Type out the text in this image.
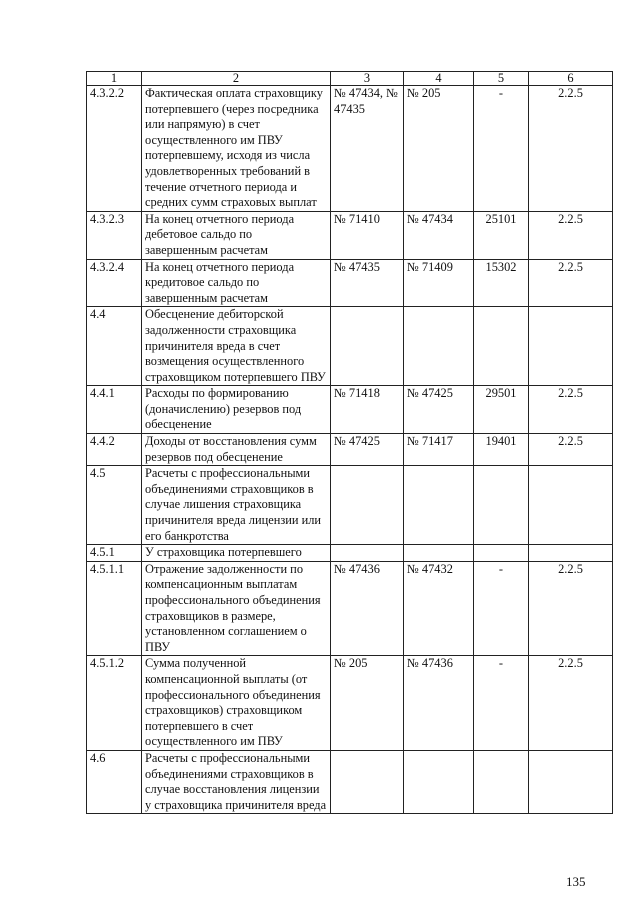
1	2	3	4	5	6
4.3.2.2	Фактическая оплата страховщику потерпевшего (через посредника или напрямую) в счет осуществленного им ПВУ потерпевшему, исходя из числа удовлетворенных требований в течение отчетного периода и средних сумм страховых выплат	№ 47434, № 47435	№ 205	-	2.2.5
4.3.2.3	На конец отчетного периода дебетовое сальдо по завершенным расчетам	№ 71410	№ 47434	25101	2.2.5
4.3.2.4	На конец отчетного периода кредитовое сальдо по завершенным расчетам	№ 47435	№ 71409	15302	2.2.5
4.4	Обесценение дебиторской задолженности страховщика причинителя вреда в счет возмещения осуществленного страховщиком потерпевшего ПВУ				
4.4.1	Расходы по формированию (доначислению) резервов под обесценение	№ 71418	№ 47425	29501	2.2.5
4.4.2	Доходы от восстановления сумм резервов под обесценение	№ 47425	№ 71417	19401	2.2.5
4.5	Расчеты с профессиональными объединениями страховщиков в случае лишения страховщика причинителя вреда лицензии или его банкротства				
4.5.1	У страховщика потерпевшего				
4.5.1.1	Отражение задолженности по компенсационным выплатам профессионального объединения страховщиков в размере, установленном соглашением о ПВУ	№ 47436	№ 47432	-	2.2.5
4.5.1.2	Сумма полученной компенсационной выплаты (от профессионального объединения страховщиков) страховщиком потерпевшего в счет осуществленного им ПВУ	№ 205	№ 47436	-	2.2.5
4.6	Расчеты с профессиональными объединениями страховщиков в случае восстановления лицензии у страховщика причинителя вреда				
135
